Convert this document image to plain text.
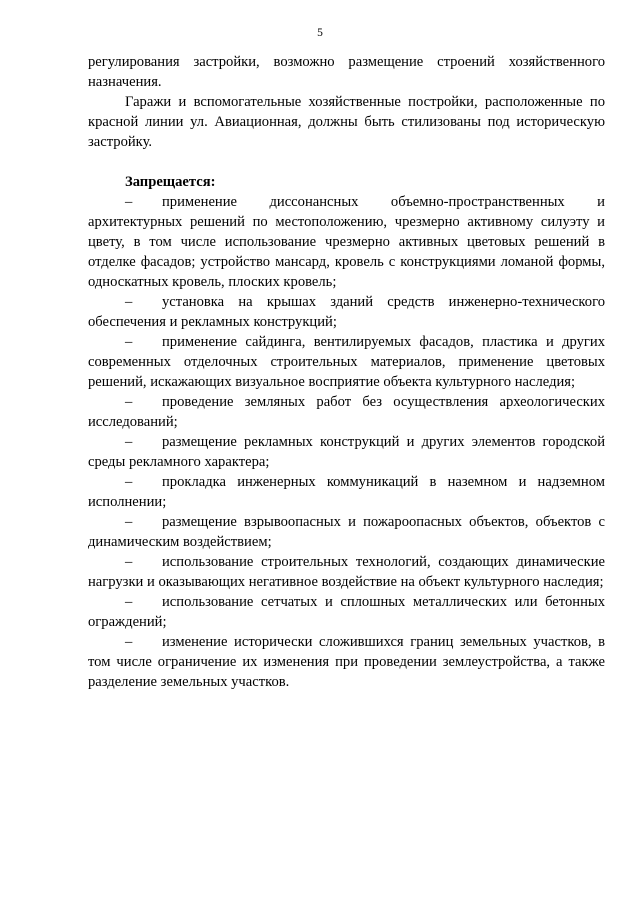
5

регулирования застройки, возможно размещение строений хозяйственного назначения.

Гаражи и вспомогательные хозяйственные постройки, расположенные по красной линии ул. Авиационная, должны быть стилизованы под историческую застройку.

Запрещается:

– применение диссонансных объемно-пространственных и архитектурных решений по местоположению, чрезмерно активному силуэту и цвету, в том числе использование чрезмерно активных цветовых решений в отделке фасадов; устройство мансард, кровель с конструкциями ломаной формы, односкатных кровель, плоских кровель;

– установка на крышах зданий средств инженерно-технического обеспечения и рекламных конструкций;

– применение сайдинга, вентилируемых фасадов, пластика и других современных отделочных строительных материалов, применение цветовых решений, искажающих визуальное восприятие объекта культурного наследия;

– проведение земляных работ без осуществления археологических исследований;

– размещение рекламных конструкций и других элементов городской среды рекламного характера;

– прокладка инженерных коммуникаций в наземном и надземном исполнении;

– размещение взрывоопасных и пожароопасных объектов, объектов с динамическим воздействием;

– использование строительных технологий, создающих динамические нагрузки и оказывающих негативное воздействие на объект культурного наследия;

– использование сетчатых и сплошных металлических или бетонных ограждений;

– изменение исторически сложившихся границ земельных участков, в том числе ограничение их изменения при проведении землеустройства, а также разделение земельных участков.
